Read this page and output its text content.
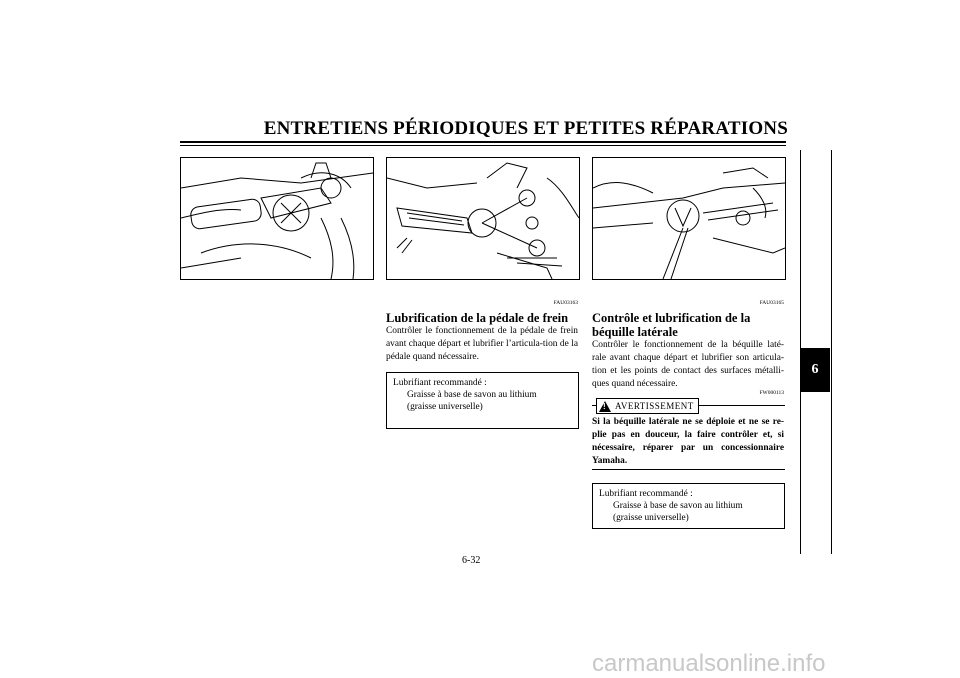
ENTRETIENS PÉRIODIQUES ET PETITES RÉPARATIONS
FAU03163
Lubrification de la pédale de frein
Contrôler le fonctionnement de la pédale de frein avant chaque départ et lubrifier l’articula-tion de la pédale quand nécessaire.
Lubrifiant recommandé :
Graisse à base de savon au lithium
(graisse universelle)
FAU03165
Contrôle et lubrification de la
béquille latérale
Contrôler le fonctionnement de la béquille laté-rale avant chaque départ et lubrifier son articula-tion et les points de contact des surfaces métalli-ques quand nécessaire.
FW000113
! AVERTISSEMENT
Si la béquille latérale ne se déploie et ne se re-plie pas en douceur, la faire contrôler et, si nécessaire, réparer par un concessionnaire Yamaha.
Lubrifiant recommandé :
Graisse à base de savon au lithium
(graisse universelle)
6
6-32
carmanualsonline.info
